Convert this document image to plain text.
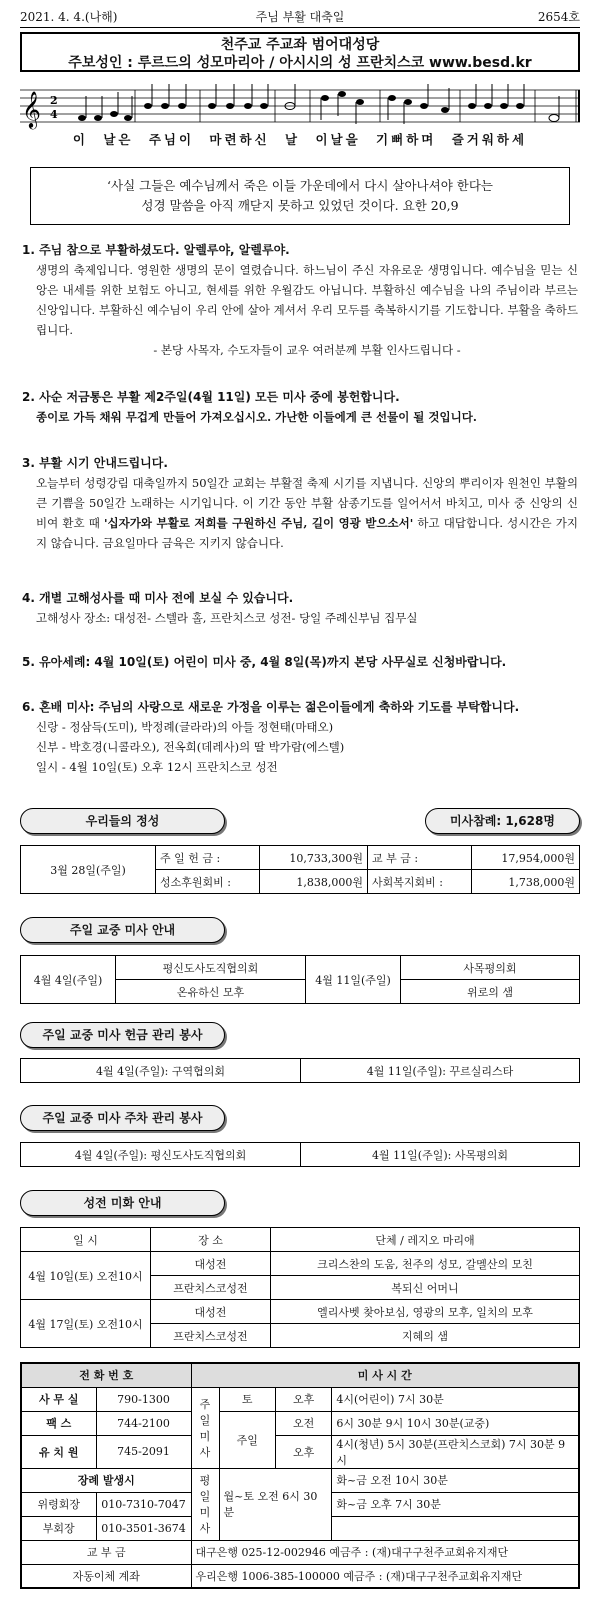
2021. 4. 4.(나해)	주님 부활 대축일	2654호
천주교 주교좌 범어대성당
주보성인 : 루르드의 성모마리아 / 아시시의 성 프란치스코 www.besd.kr
𝄞 2
4
이 날은 주님이 마련하신 날 이날을 기뻐하며 즐거워하세
‘사실 그들은 예수님께서 죽은 이들 가운데에서 다시 살아나셔야 한다는
성경 말씀을 아직 깨닫지 못하고 있었던 것이다. 요한 20,9
1. 주님 참으로 부활하셨도다. 알렐루야, 알렐루야.

생명의 축제입니다. 영원한 생명의 문이 열렸습니다. 하느님이 주신 자유로운 생명입니다. 예수님을 믿는 신앙은 내세를 위한 보험도 아니고, 현세를 위한 우월감도 아닙니다. 부활하신 예수님을 나의 주님이라 부르는 신앙입니다. 부활하신 예수님이 우리 안에 살아 계셔서 우리 모두를 축복하시기를 기도합니다. 부활을 축하드립니다.

- 본당 사목자, 수도자들이 교우 여러분께 부활 인사드립니다 -

2. 사순 저금통은 부활 제2주일(4월 11일) 모든 미사 중에 봉헌합니다.

종이로 가득 채워 무겁게 만들어 가져오십시오. 가난한 이들에게 큰 선물이 될 것입니다.

3. 부활 시기 안내드립니다.

오늘부터 성령강림 대축일까지 50일간 교회는 부활절 축제 시기를 지냅니다. 신앙의 뿌리이자 원천인 부활의 큰 기쁨을 50일간 노래하는 시기입니다. 이 기간 동안 부활 삼종기도를 일어서서 바치고, 미사 중 신앙의 신비여 환호 때 '십자가와 부활로 저희를 구원하신 주님, 길이 영광 받으소서' 하고 대답합니다. 성시간은 가지지 않습니다. 금요일마다 금육은 지키지 않습니다.

4. 개별 고해성사를 때 미사 전에 보실 수 있습니다.

고해성사 장소: 대성전- 스텔라 홀, 프란치스코 성전- 당일 주례신부님 집무실

5. 유아세례: 4월 10일(토) 어린이 미사 중, 4월 8일(목)까지 본당 사무실로 신청바랍니다.
6. 혼배 미사: 주님의 사랑으로 새로운 가정을 이루는 젊은이들에게 축하와 기도를 부탁합니다.

신랑 - 정삼득(도미), 박정례(글라라)의 아들 정현태(마태오)

신부 - 박호경(니콜라오), 전옥희(데레사)의 딸 박가람(에스텔)

일시 - 4월 10일(토) 오후 12시 프란치스코 성전

우리들의 정성	미사참례: 1,628명
3월 28일(주일)	주 일 헌 금 :	10,733,300원	교 부 금 :	17,954,000원
	성소후원회비 :	1,838,000원	사회복지회비 :	1,738,000원
주일 교중 미사 안내
4월 4일(주일)	평신도사도직협의회	4월 11일(주일)	사목평의회
	온유하신 모후		위로의 샘
주일 교중 미사 헌금 관리 봉사
4월 4일(주일): 구역협의회	4월 11일(주일): 꾸르실리스타
주일 교중 미사 주차 관리 봉사
4월 4일(주일): 평신도사도직협의회	4월 11일(주일): 사목평의회
성전 미화 안내
일 시	장 소	단체 / 레지오 마리애
4월 10일(토) 오전10시	대성전	크리스찬의 도움, 천주의 성모, 갈멜산의 모친
	프란치스코성전	복되신 어머니
4월 17일(토) 오전10시	대성전	엘리사벳 찾아보심, 영광의 모후, 일치의 모후
	프란치스코성전	지혜의 샘
전 화 번 호		미 사 시 간			
사 무 실	790-1300	주일 미사	토	오후	4시(어린이) 7시 30분
팩 스	744-2100		주일	오전	6시 30분 9시 10시 30분(교중)
유 치 원	745-2091			오후	4시(청년) 5시 30분(프란치스코회) 7시 30분 9시
장례 발생시		평일 미사	월~토 오전 6시 30분		화~금 오전 10시 30분
위령회장	010-7310-7047				화~금 오후 7시 30분
부회장	010-3501-3674				
교 부 금		대구은행 025-12-002946 예금주 : (재)대구구천주교회유지재단			
자동이체 계좌		우리은행 1006-385-100000 예금주 : (재)대구구천주교회유지재단			
